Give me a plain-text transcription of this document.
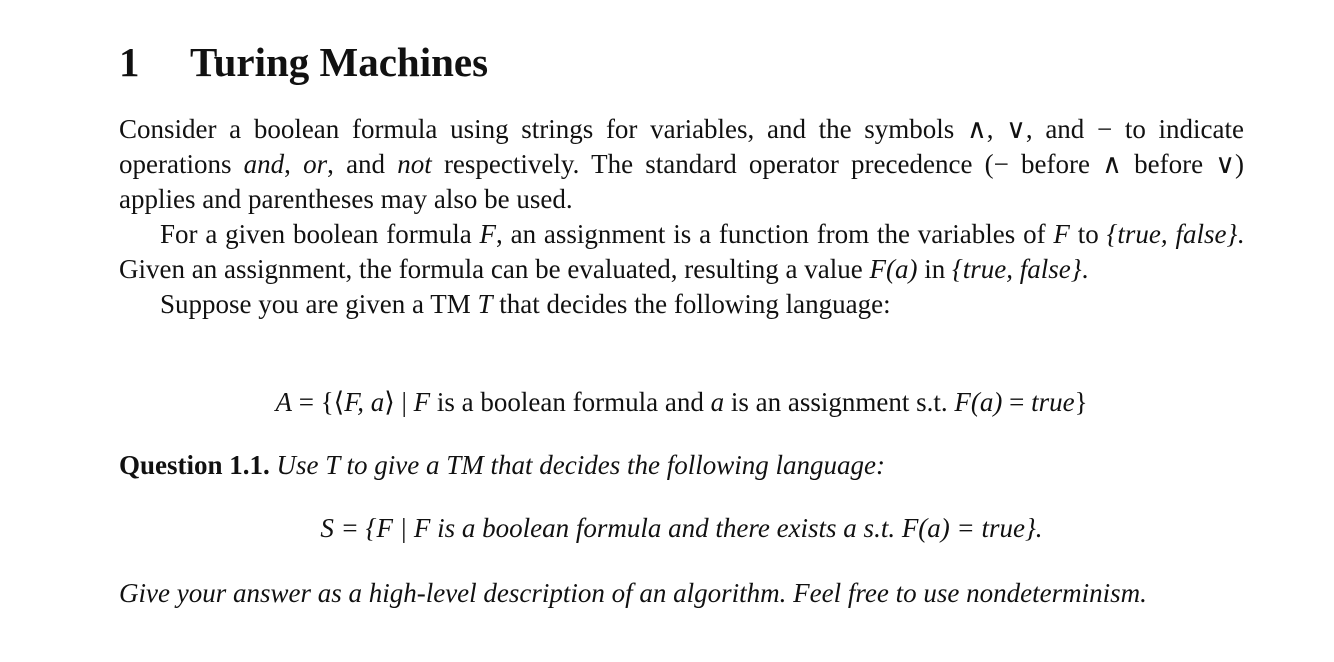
1 Turing Machines

Consider a boolean formula using strings for variables, and the symbols ∧, ∨, and − to indicate operations and, or, and not respectively. The standard operator precedence (− before ∧ before ∨) applies and parentheses may also be used.

For a given boolean formula F, an assignment is a function from the variables of F to {true, false}. Given an assignment, the formula can be evaluated, resulting a value F(a) in {true, false}.

Suppose you are given a TM T that decides the following language:

A = {⟨F, a⟩ | F is a boolean formula and a is an assignment s.t. F(a) = true}
Question 1.1. Use T to give a TM that decides the following language:
S = {F | F is a boolean formula and there exists a s.t. F(a) = true}.

Give your answer as a high-level description of an algorithm. Feel free to use nondeterminism.
